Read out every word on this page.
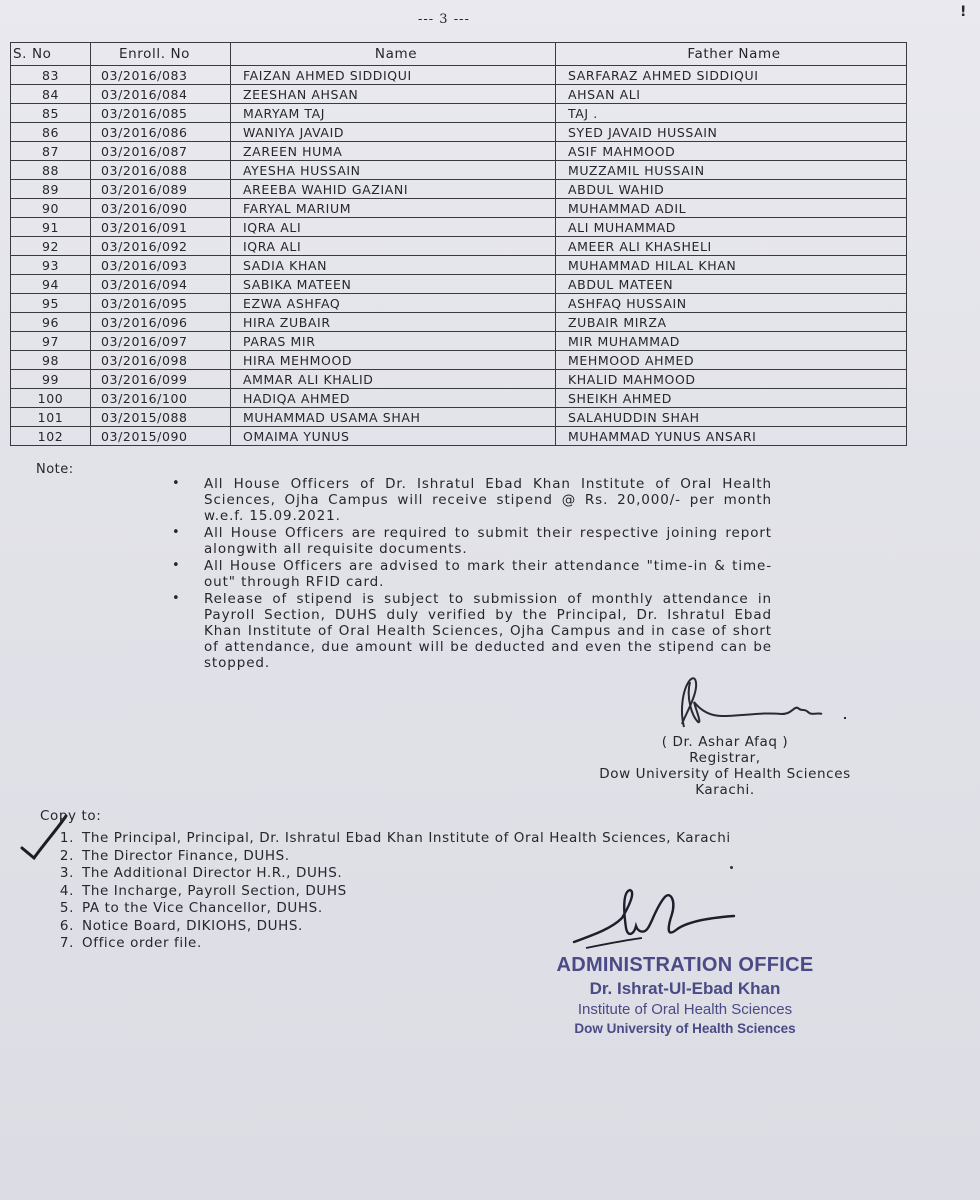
--- 3 ---	!
S. No	Enroll. No	Name	Father Name
83	03/2016/083	FAIZAN AHMED SIDDIQUI	SARFARAZ AHMED SIDDIQUI
84	03/2016/084	ZEESHAN AHSAN	AHSAN ALI
85	03/2016/085	MARYAM TAJ	TAJ .
86	03/2016/086	WANIYA JAVAID	SYED JAVAID HUSSAIN
87	03/2016/087	ZAREEN HUMA	ASIF MAHMOOD
88	03/2016/088	AYESHA HUSSAIN	MUZZAMIL HUSSAIN
89	03/2016/089	AREEBA WAHID GAZIANI	ABDUL WAHID
90	03/2016/090	FARYAL MARIUM	MUHAMMAD ADIL
91	03/2016/091	IQRA ALI	ALI MUHAMMAD
92	03/2016/092	IQRA ALI	AMEER ALI KHASHELI
93	03/2016/093	SADIA KHAN	MUHAMMAD HILAL KHAN
94	03/2016/094	SABIKA MATEEN	ABDUL MATEEN
95	03/2016/095	EZWA ASHFAQ	ASHFAQ HUSSAIN
96	03/2016/096	HIRA ZUBAIR	ZUBAIR MIRZA
97	03/2016/097	PARAS MIR	MIR MUHAMMAD
98	03/2016/098	HIRA MEHMOOD	MEHMOOD AHMED
99	03/2016/099	AMMAR ALI KHALID	KHALID MAHMOOD
100	03/2016/100	HADIQA AHMED	SHEIKH AHMED
101	03/2015/088	MUHAMMAD USAMA SHAH	SALAHUDDIN SHAH
102	03/2015/090	OMAIMA YUNUS	MUHAMMAD YUNUS ANSARI
Note:
• All House Officers of Dr. Ishratul Ebad Khan Institute of Oral Health Sciences, Ojha Campus will receive stipend @ Rs. 20,000/- per month w.e.f. 15.09.2021.
• All House Officers are required to submit their respective joining report alongwith all requisite documents.
• All House Officers are advised to mark their attendance "time-in & time-out" through RFID card.
• Release of stipend is subject to submission of monthly attendance in Payroll Section, DUHS duly verified by the Principal, Dr. Ishratul Ebad Khan Institute of Oral Health Sciences, Ojha Campus and in case of short of attendance, due amount will be deducted and even the stipend can be stopped.
( Dr. Ashar Afaq )
Registrar,
Dow University of Health Sciences
Karachi.
Copy to:
1. The Principal, Principal, Dr. Ishratul Ebad Khan Institute of Oral Health Sciences, Karachi
2. The Director Finance, DUHS.
3. The Additional Director H.R., DUHS.
4. The Incharge, Payroll Section, DUHS
5. PA to the Vice Chancellor, DUHS.
6. Notice Board, DIKIOHS, DUHS.
7. Office order file.
ADMINISTRATION OFFICE
Dr. Ishrat-Ul-Ebad Khan
Institute of Oral Health Sciences
Dow University of Health Sciences
